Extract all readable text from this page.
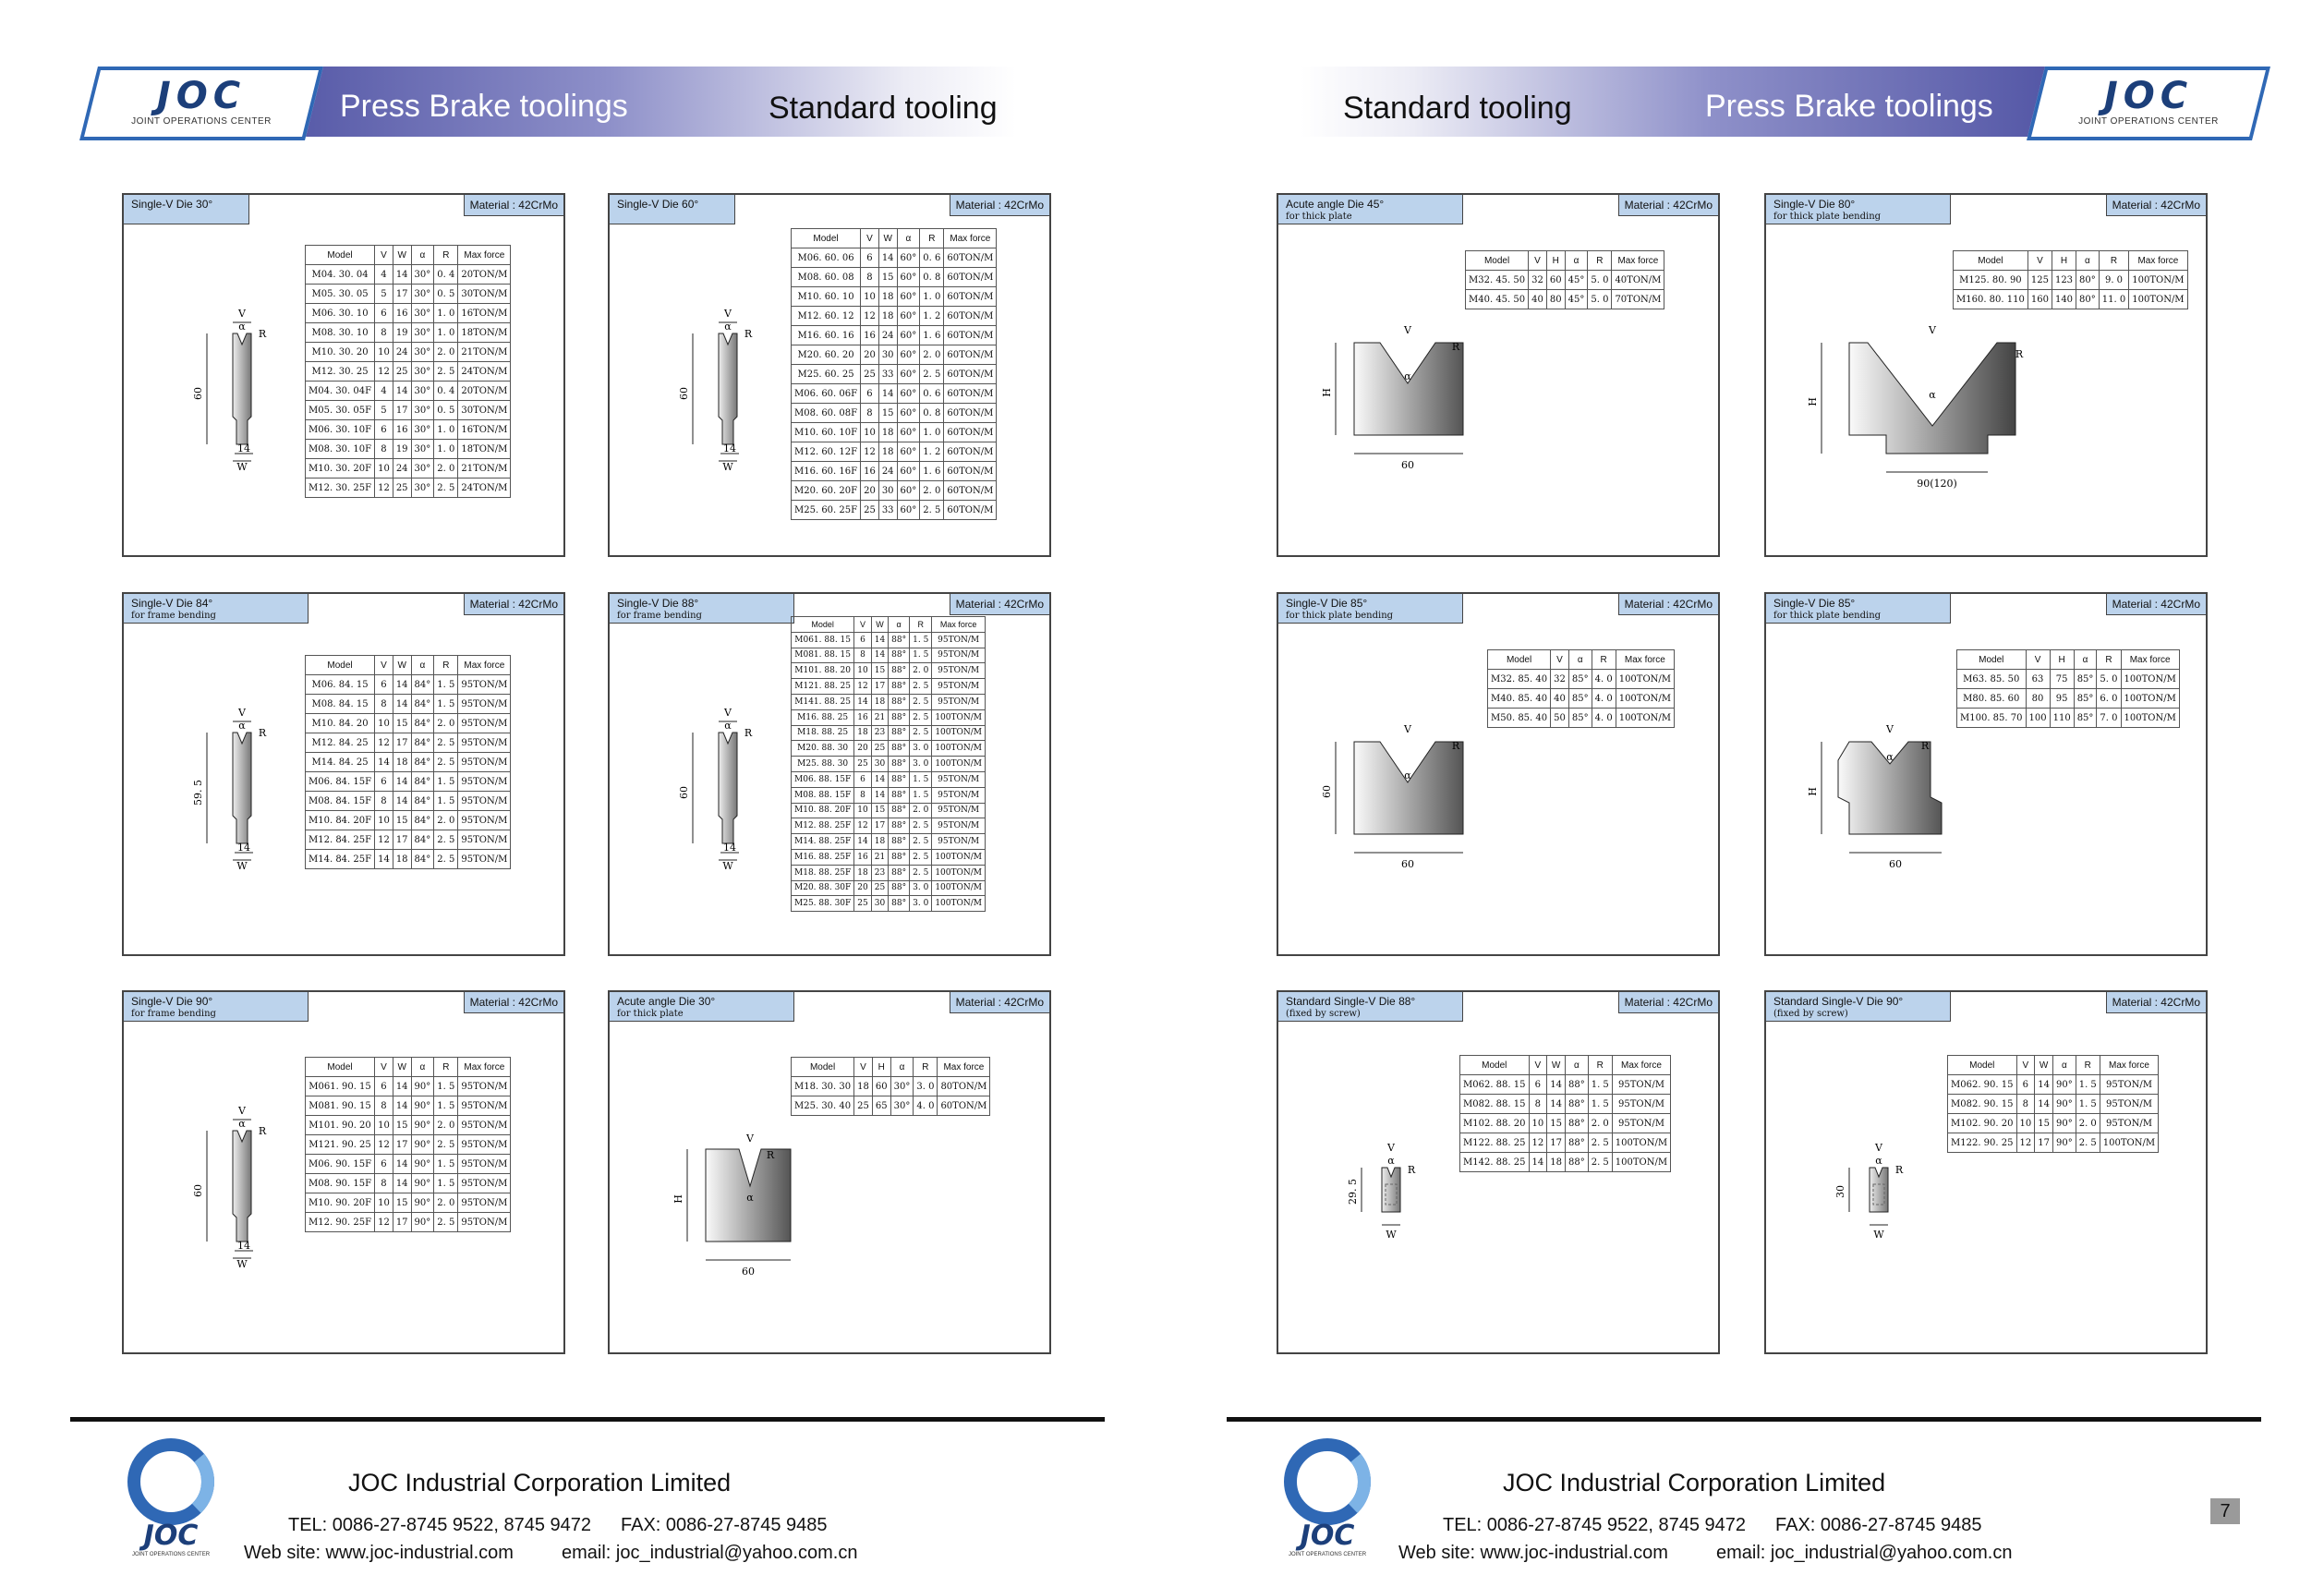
JOC
JOINT OPERATIONS CENTER	Press Brake toolings	Standard tooling
Single-V Die 30°	Material : 42CrMo
Model	V	W	α	R	Max force
M04. 30. 04	4	14	30°	0. 4	20TON/M
M05. 30. 05	5	17	30°	0. 5	30TON/M
M06. 30. 10	6	16	30°	1. 0	16TON/M
M08. 30. 10	8	19	30°	1. 0	18TON/M
M10. 30. 20	10	24	30°	2. 0	21TON/M
M12. 30. 25	12	25	30°	2. 5	24TON/M
M04. 30. 04F	4	14	30°	0. 4	20TON/M
M05. 30. 05F	5	17	30°	0. 5	30TON/M
M06. 30. 10F	6	16	30°	1. 0	16TON/M
M08. 30. 10F	8	19	30°	1. 0	18TON/M
M10. 30. 20F	10	24	30°	2. 0	21TON/M
M12. 30. 25F	12	25	30°	2. 5	24TON/M
60
V
α
R
14
W
Single-V Die 60°	Material : 42CrMo
Model	V	W	α	R	Max force
M06. 60. 06	6	14	60°	0. 6	60TON/M
M08. 60. 08	8	15	60°	0. 8	60TON/M
M10. 60. 10	10	18	60°	1. 0	60TON/M
M12. 60. 12	12	18	60°	1. 2	60TON/M
M16. 60. 16	16	24	60°	1. 6	60TON/M
M20. 60. 20	20	30	60°	2. 0	60TON/M
M25. 60. 25	25	33	60°	2. 5	60TON/M
M06. 60. 06F	6	14	60°	0. 6	60TON/M
M08. 60. 08F	8	15	60°	0. 8	60TON/M
M10. 60. 10F	10	18	60°	1. 0	60TON/M
M12. 60. 12F	12	18	60°	1. 2	60TON/M
M16. 60. 16F	16	24	60°	1. 6	60TON/M
M20. 60. 20F	20	30	60°	2. 0	60TON/M
M25. 60. 25F	25	33	60°	2. 5	60TON/M
60
V
α
R
14
W
Single-V Die 84°
for frame bending
Material : 42CrMo
Model	V	W	α	R	Max force
M06. 84. 15	6	14	84°	1. 5	95TON/M
M08. 84. 15	8	14	84°	1. 5	95TON/M
M10. 84. 20	10	15	84°	2. 0	95TON/M
M12. 84. 25	12	17	84°	2. 5	95TON/M
M14. 84. 25	14	18	84°	2. 5	95TON/M
M06. 84. 15F	6	14	84°	1. 5	95TON/M
M08. 84. 15F	8	14	84°	1. 5	95TON/M
M10. 84. 20F	10	15	84°	2. 0	95TON/M
M12. 84. 25F	12	17	84°	2. 5	95TON/M
M14. 84. 25F	14	18	84°	2. 5	95TON/M
59. 5
V
α
R
14
W
Single-V Die 88°
for frame bending
Material : 42CrMo
Model	V	W	α	R	Max force
M061. 88. 15	6	14	88°	1. 5	95TON/M
M081. 88. 15	8	14	88°	1. 5	95TON/M
M101. 88. 20	10	15	88°	2. 0	95TON/M
M121. 88. 25	12	17	88°	2. 5	95TON/M
M141. 88. 25	14	18	88°	2. 5	95TON/M
M16. 88. 25	16	21	88°	2. 5	100TON/M
M18. 88. 25	18	23	88°	2. 5	100TON/M
M20. 88. 30	20	25	88°	3. 0	100TON/M
M25. 88. 30	25	30	88°	3. 0	100TON/M
M06. 88. 15F	6	14	88°	1. 5	95TON/M
M08. 88. 15F	8	14	88°	1. 5	95TON/M
M10. 88. 20F	10	15	88°	2. 0	95TON/M
M12. 88. 25F	12	17	88°	2. 5	95TON/M
M14. 88. 25F	14	18	88°	2. 5	95TON/M
M16. 88. 25F	16	21	88°	2. 5	100TON/M
M18. 88. 25F	18	23	88°	2. 5	100TON/M
M20. 88. 30F	20	25	88°	3. 0	100TON/M
M25. 88. 30F	25	30	88°	3. 0	100TON/M
60
V
α
R
14
W
Single-V Die 90°
for frame bending
Material : 42CrMo
Model	V	W	α	R	Max force
M061. 90. 15	6	14	90°	1. 5	95TON/M
M081. 90. 15	8	14	90°	1. 5	95TON/M
M101. 90. 20	10	15	90°	2. 0	95TON/M
M121. 90. 25	12	17	90°	2. 5	95TON/M
M06. 90. 15F	6	14	90°	1. 5	95TON/M
M08. 90. 15F	8	14	90°	1. 5	95TON/M
M10. 90. 20F	10	15	90°	2. 0	95TON/M
M12. 90. 25F	12	17	90°	2. 5	95TON/M
60
V
α
R
14
W
Acute angle Die 30°
for thick plate
Material : 42CrMo
Model	V	H	α	R	Max force
M18. 30. 30	18	60	30°	3. 0	80TON/M
M25. 30. 40	25	65	30°	4. 0	60TON/M
H
V
α
R
60
JOC
JOINT OPERATIONS CENTER
JOC Industrial Corporation Limited
TEL: 0086-27-8745 9522, 8745 9472 FAX: 0086-27-8745 9485
Web site: www.joc-industrial.com	email: joc_industrial@yahoo.com.cn
Standard tooling	Press Brake toolings	JOC
JOINT OPERATIONS CENTER
Acute angle Die 45°
for thick plate
Material : 42CrMo
Model	V	H	α	R	Max force
M32. 45. 50	32	60	45°	5. 0	40TON/M
M40. 45. 50	40	80	45°	5. 0	70TON/M
H
V
α
R
60
Single-V Die 80°
for thick plate bending
Material : 42CrMo
Model	V	H	α	R	Max force
M125. 80. 90	125	123	80°	9. 0	100TON/M
M160. 80. 110	160	140	80°	11. 0	100TON/M
H
V
α
R
90(120)
Single-V Die 85°
for thick plate bending
Material : 42CrMo
Model	V	α	R	Max force
M32. 85. 40	32	85°	4. 0	100TON/M
M40. 85. 40	40	85°	4. 0	100TON/M
M50. 85. 40	50	85°	4. 0	100TON/M
60
V
α
R
60
Single-V Die 85°
for thick plate bending
Material : 42CrMo
Model	V	H	α	R	Max force
M63. 85. 50	63	75	85°	5. 0	100TON/M
M80. 85. 60	80	95	85°	6. 0	100TON/M
M100. 85. 70	100	110	85°	7. 0	100TON/M
H
V
α
R
60
Standard Single-V Die 88°
(fixed by screw)
Material : 42CrMo
Model	V	W	α	R	Max force
M062. 88. 15	6	14	88°	1. 5	95TON/M
M082. 88. 15	8	14	88°	1. 5	95TON/M
M102. 88. 20	10	15	88°	2. 0	95TON/M
M122. 88. 25	12	17	88°	2. 5	100TON/M
M142. 88. 25	14	18	88°	2. 5	100TON/M
29. 5
V
α
R
W
Standard Single-V Die 90°
(fixed by screw)
Material : 42CrMo
Model	V	W	α	R	Max force
M062. 90. 15	6	14	90°	1. 5	95TON/M
M082. 90. 15	8	14	90°	1. 5	95TON/M
M102. 90. 20	10	15	90°	2. 0	95TON/M
M122. 90. 25	12	17	90°	2. 5	100TON/M
30
V
α
R
W
JOC
JOINT OPERATIONS CENTER
JOC Industrial Corporation Limited
TEL: 0086-27-8745 9522, 8745 9472 FAX: 0086-27-8745 9485
Web site: www.joc-industrial.com	email: joc_industrial@yahoo.com.cn
7
